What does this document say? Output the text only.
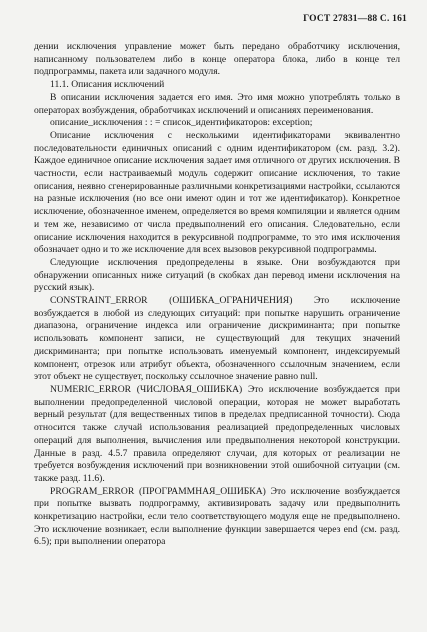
ГОСТ 27831—88 С. 161

дении исключения управление может быть передано обработчику исключения, написанному пользователем либо в конце оператора блока, либо в конце тел подпрограммы, пакета или задачного модуля.

11.1. Описания исключений

В описании исключения задается его имя. Это имя можно употреблять только в операторах возбуждения, обработчиках исключений и описаниях переименования.

описание_исключения : : = список_идентификаторов: exception;

Описание исключения с несколькими идентификаторами эквивалентно последовательности единичных описаний с одним идентификатором (см. разд. 3.2). Каждое единичное описание исключения задает имя отличного от других исключения. В частности, если настраиваемый модуль содержит описание исключения, то такие описания, неявно сгенерированные различными конкретизациями настройки, ссылаются на разные исключения (но все они имеют один и тот же идентификатор). Конкретное исключение, обозначенное именем, определяется во время компиляции и является одним и тем же, независимо от числа предвыполнений его описания. Следовательно, если описание исключения находится в рекурсивной подпрограмме, то это имя исключения обозначает одно и то же исключение для всех вызовов рекурсивной подпрограммы.

Следующие исключения предопределены в языке. Они возбуждаются при обнаружении описанных ниже ситуаций (в скобках дан перевод имени исключения на русский язык).

CONSTRAINT_ERROR (ОШИБКА_ОГРАНИЧЕНИЯ) Это исключение возбуждается в любой из следующих ситуаций: при попытке нарушить ограничение диапазона, ограничение индекса или ограничение дискриминанта; при попытке использовать компонент записи, не существующий для текущих значений дискриминанта; при попытке использовать именуемый компонент, индексируемый компонент, отрезок или атрибут объекта, обозначенного ссылочным значением, если этот объект не существует, поскольку ссылочное значение равно null.

NUMERIC_ERROR (ЧИСЛОВАЯ_ОШИБКА) Это исключение возбуждается при выполнении предопределенной числовой операции, которая не может выработать верный результат (для вещественных типов в пределах предписанной точности). Сюда относится также случай использования реализацией предопределенных числовых операций для выполнения, вычисления или предвыполнения некоторой конструкции. Данные в разд. 4.5.7 правила определяют случаи, для которых от реализации не требуется возбуждения исключений при возникновении этой ошибочной ситуации (см. также разд. 11.6).

PROGRAM_ERROR (ПРОГРАММНАЯ_ОШИБКА) Это исключение возбуждается при попытке вызвать подпрограмму, активизировать задачу или предвыполнить конкретизацию настройки, если тело соответствующего модуля еще не предвыполнено. Это исключение возникает, если выполнение функции завершается через end (см. разд. 6.5); при выполнении оператора
